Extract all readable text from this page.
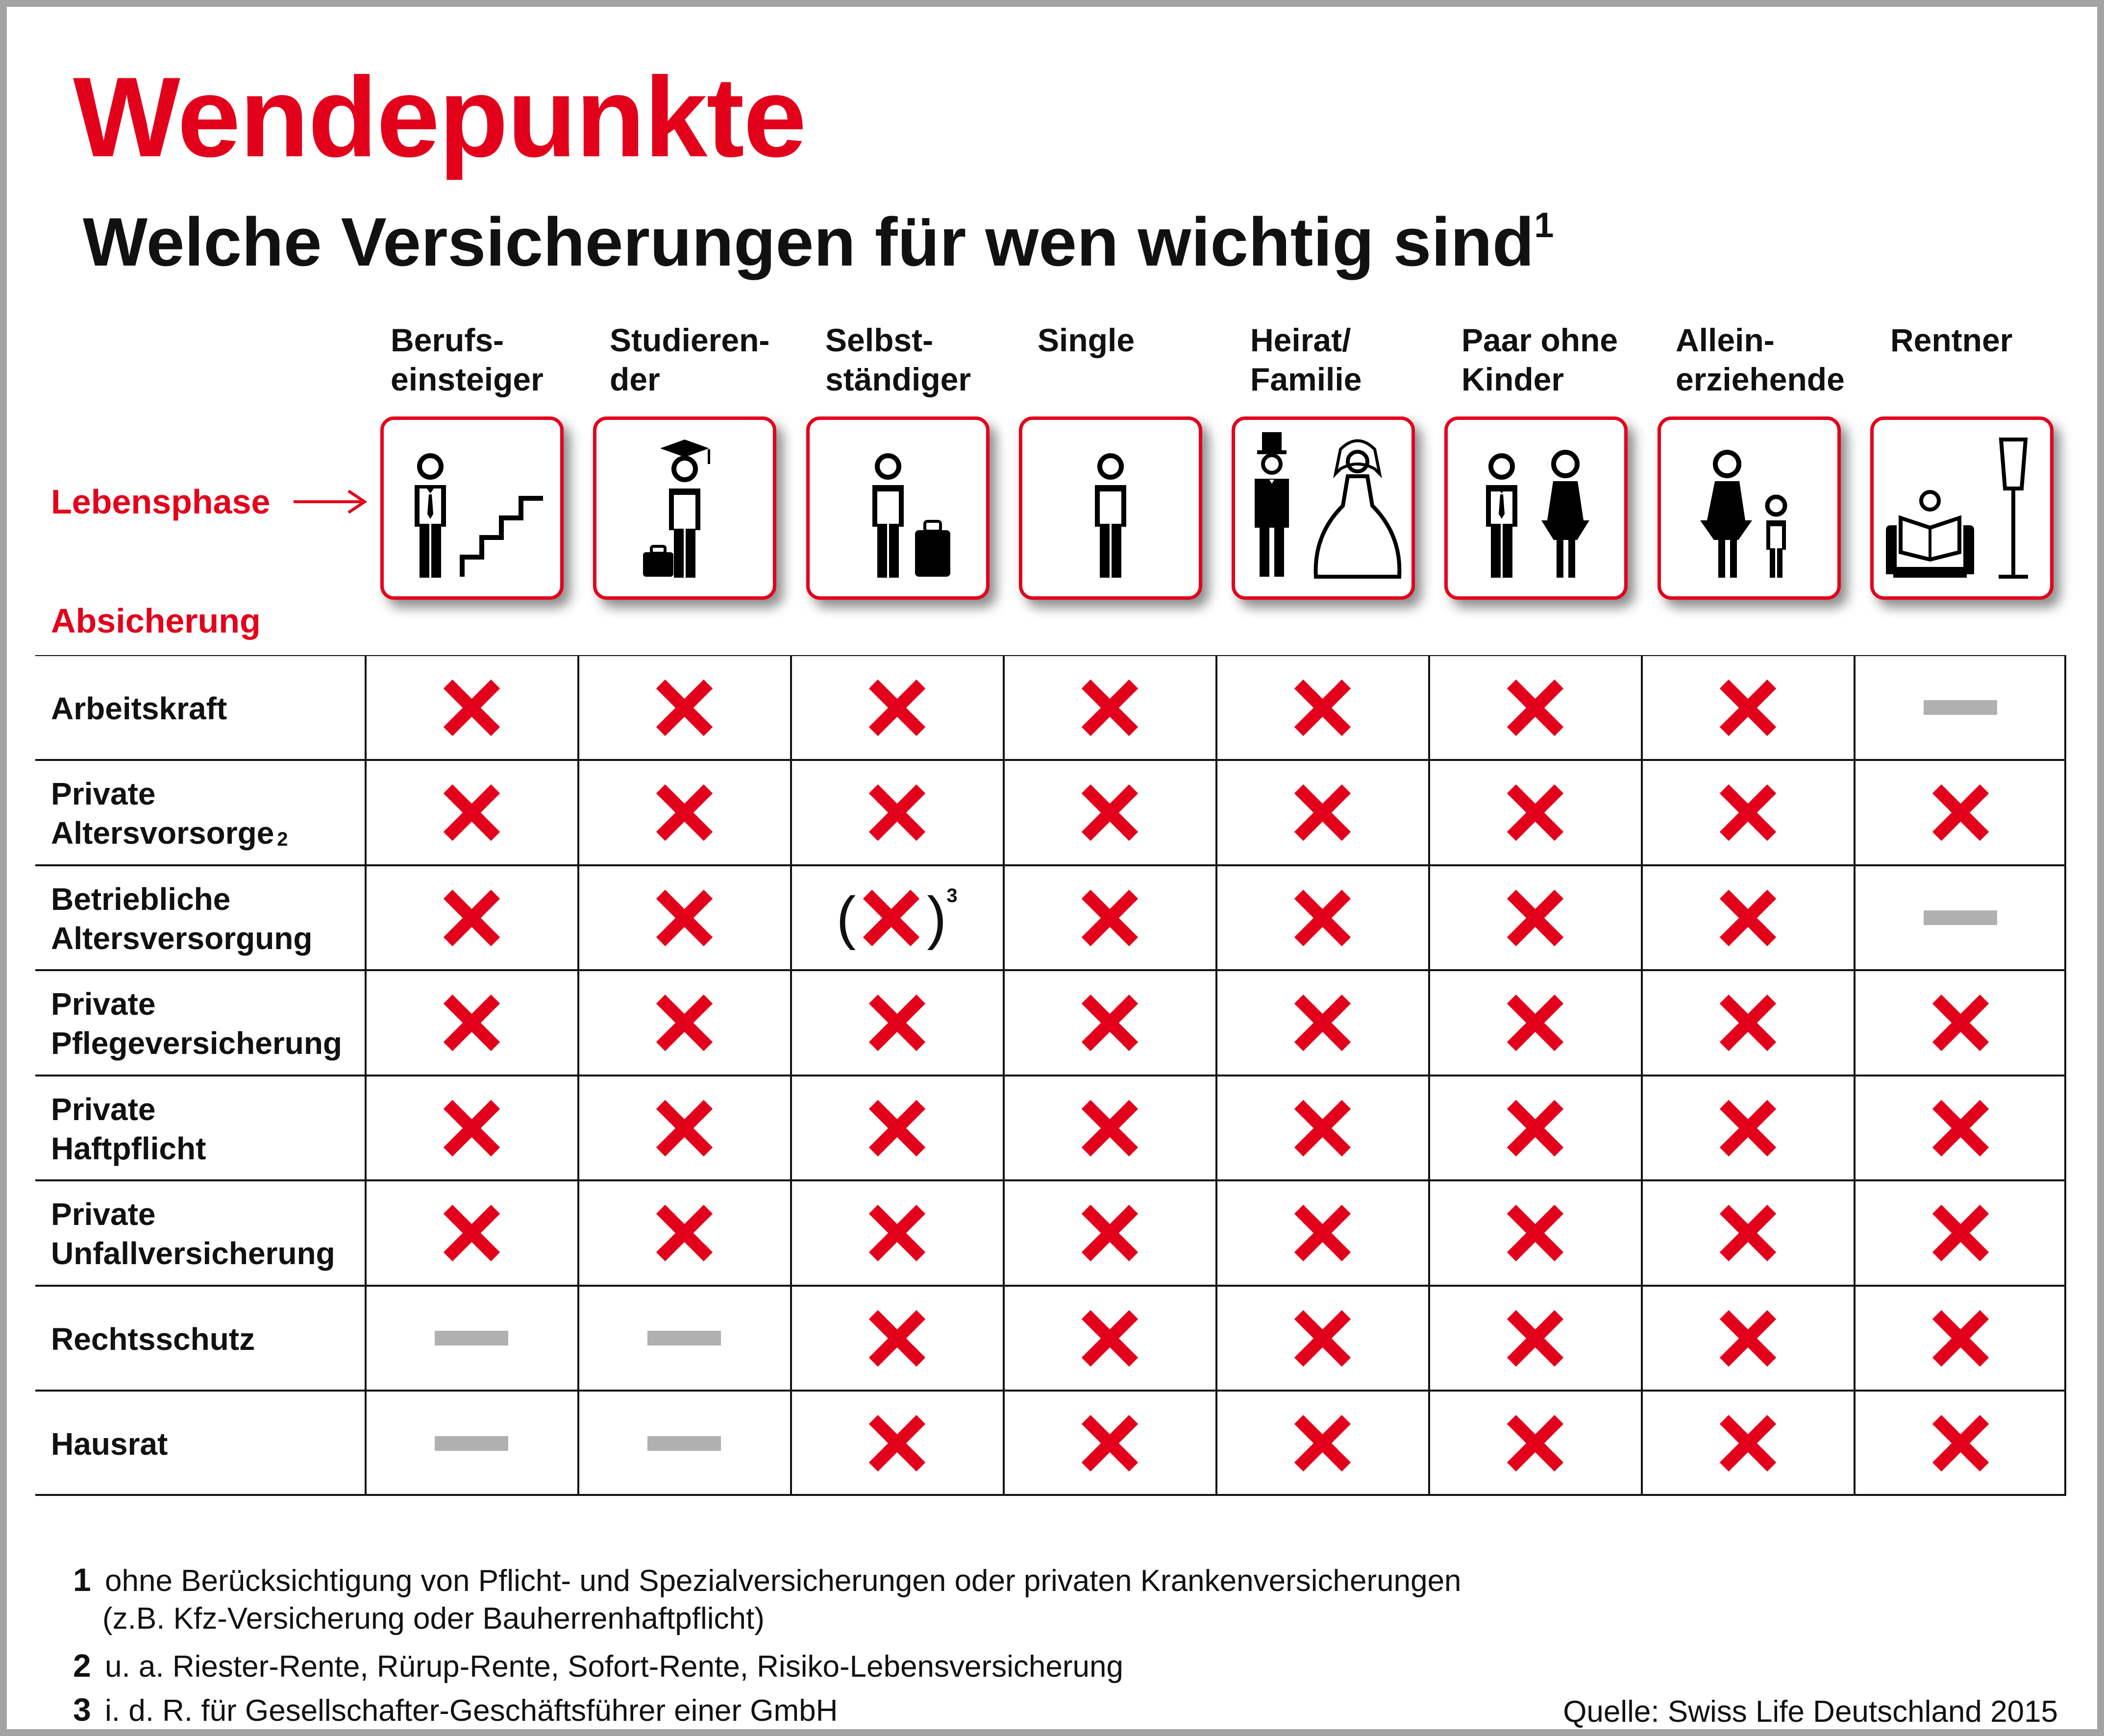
Wendepunkte
Welche Versicherungen für wen wichtig sind$^1$
Berufs-
einsteiger
Studieren-
der
Selbst-
ständiger
Single	Heirat/
Familie
Paar ohne
Kinder
Allein-
erziehende
Rentner
Lebensphase
Absicherung
Arbeitskraft
Private
Altersvorsorge$^2$
Betriebliche
Altersversorgung
Private
Pflegeversicherung
Private
Haftpflicht
Private
Unfallversicherung
Rechtsschutz
Hausrat
( ) 3
1 ohne Berücksichtigung von Pflicht- und Spezialversicherungen oder privaten Krankenversicherungen
(z.B. Kfz-Versicherung oder Bauherrenhaftpflicht)
2 u. a. Riester-Rente, Rürup-Rente, Sofort-Rente, Risiko-Lebensversicherung
3 i. d. R. für Gesellschafter-Geschäftsführer einer GmbH	Quelle: Swiss Life Deutschland 2015
